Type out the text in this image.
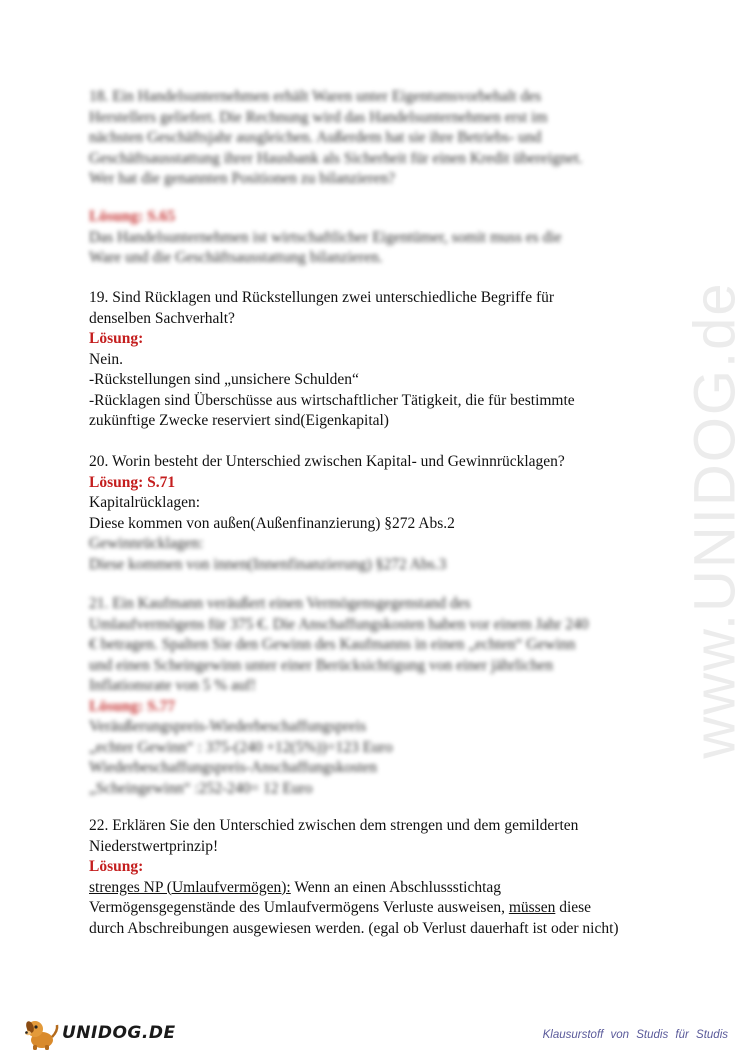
www.UNIDOG.de
18. Ein Handelsunternehmen erhält Waren unter Eigentumsvorbehalt des
Herstellers geliefert. Die Rechnung wird das Handelsunternehmen erst im
nächsten Geschäftsjahr ausgleichen. Außerdem hat sie ihre Betriebs- und
Geschäftsausstattung ihrer Hausbank als Sicherheit für einen Kredit übereignet.
Wer hat die genannten Positionen zu bilanzieren?
Lösung: S.65
Das Handelsunternehmen ist wirtschaftlicher Eigentümer, somit muss es die
Ware und die Geschäftsausstattung bilanzieren.
19. Sind Rücklagen und Rückstellungen zwei unterschiedliche Begriffe für
denselben Sachverhalt?
Lösung:
Nein.
-Rückstellungen sind „unsichere Schulden“
-Rücklagen sind Überschüsse aus wirtschaftlicher Tätigkeit, die für bestimmte
zukünftige Zwecke reserviert sind(Eigenkapital)
20. Worin besteht der Unterschied zwischen Kapital- und Gewinnrücklagen?
Lösung: S.71
Kapitalrücklagen:
Diese kommen von außen(Außenfinanzierung) §272 Abs.2
Gewinnrücklagen:
Diese kommen von innen(Innenfinanzierung) §272 Abs.3
21. Ein Kaufmann veräußert einen Vermögensgegenstand des
Umlaufvermögens für 375 €. Die Anschaffungskosten haben vor einem Jahr 240
€ betragen. Spalten Sie den Gewinn des Kaufmanns in einen „echten“ Gewinn
und einen Scheingewinn unter einer Berücksichtigung von einer jährlichen
Inflationsrate von 5 % auf!
Lösung: S.77
Veräußerungspreis-Wiederbeschaffungspreis
„echter Gewinn“ : 375-(240 +12(5%))=123 Euro
Wiederbeschaffungspreis-Anschaffungskosten
„Scheingewinn“ :252-240= 12 Euro
22. Erklären Sie den Unterschied zwischen dem strengen und dem gemilderten
Niederstwertprinzip!
Lösung:
strenges NP (Umlaufvermögen): Wenn an einen Abschlussstichtag
Vermögensgegenstände des Umlaufvermögens Verluste ausweisen, müssen diese
durch Abschreibungen ausgewiesen werden. (egal ob Verlust dauerhaft ist oder nicht)
UNIDOG.DE	Klausurstoff von Studis für Studis
